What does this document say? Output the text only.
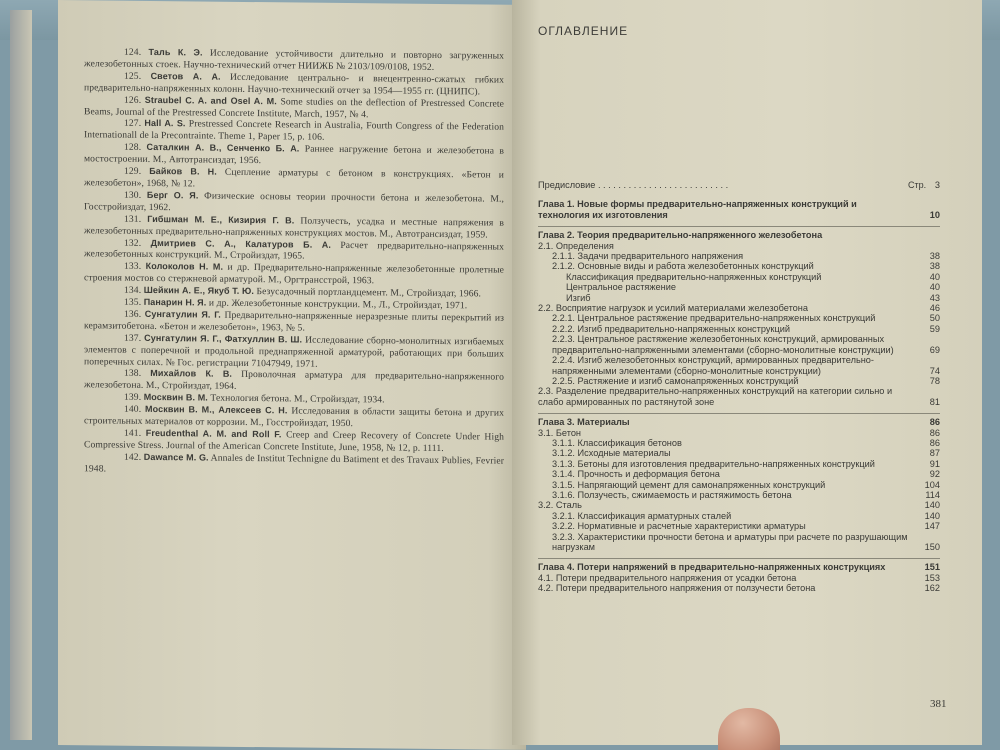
124. Таль К. Э. Исследование устойчивости длительно и повторно загруженных железобетонных стоек. Научно-технический отчет НИИЖБ № 2103/109/0108, 1952.
125. Светов А. А. Исследование центрально- и внецентренно-сжатых гибких предварительно-напряженных колонн. Научно-технический отчет за 1954—1955 гг. (ЦНИПС).
126. Straubel C. A. and Osel A. M. Some studies on the deflection of Prestressed Concrete Beams, Journal of the Prestressed Concrete Institute, March, 1957, № 4.
127. Hall A. S. Prestressed Concrete Research in Australia, Fourth Congress of the Federation Internationall de la Precontrainte. Theme 1, Paper 15, p. 106.
128. Саталкин А. В., Сенченко Б. А. Раннее нагружение бетона и железобетона в мостостроении. М., Автотрансиздат, 1956.
129. Байков В. Н. Сцепление арматуры с бетоном в конструкциях. «Бетон и железобетон», 1968, № 12.
130. Берг О. Я. Физические основы теории прочности бетона и железобетона. М., Госстройиздат, 1962.
131. Гибшман М. Е., Кизирия Г. В. Ползучесть, усадка и местные напряжения в железобетонных предварительно-напряженных конструкциях мостов. М., Автотрансиздат, 1959.
132. Дмитриев С. А., Калатуров Б. А. Расчет предварительно-напряженных железобетонных конструкций. М., Стройиздат, 1965.
133. Колоколов Н. М. и др. Предварительно-напряженные железобетонные пролетные строения мостов со стержневой арматурой. М., Оргтрансстрой, 1963.
134. Шейкин А. Е., Якуб Т. Ю. Безусадочный портландцемент. М., Стройиздат, 1966.
135. Панарин Н. Я. и др. Железобетонные конструкции. М., Л., Стройиздат, 1971.
136. Сунгатулин Я. Г. Предварительно-напряженные неразрезные плиты перекрытий из керамзитобетона. «Бетон и железобетон», 1963, № 5.
137. Сунгатулин Я. Г., Фатхуллин В. Ш. Исследование сборно-монолитных изгибаемых элементов с поперечной и продольной преднапряженной арматурой, работающих при больших поперечных силах. № Гос. регистрации 71047949, 1971.
138. Михайлов К. В. Проволочная арматура для предварительно-напряженного железобетона. М., Стройиздат, 1964.
139. Москвин В. М. Технология бетона. М., Стройиздат, 1934.
140. Москвин В. М., Алексеев С. Н. Исследования в области защиты бетона и других строительных материалов от коррозии. М., Госстройиздат, 1950.
141. Freudenthal A. M. and Roll F. Creep and Creep Recovery of Concrete Under High Compressive Stress. Journal of the American Concrete Institute, June, 1958, № 12, p. 1111.
142. Dawance M. G. Annales de Institut Technigne du Batiment et des Travaux Publies, Fevrier 1948.
ОГЛАВЛЕНИЕ
Стр.
Предисловие . . . . . . . . . . . . . . . . . . . . . . . . . .	3
Глава 1. Новые формы предварительно-напряженных конструкций и технология их изготовления	10
Глава 2. Теория предварительно-напряженного железобетона
2.1. Определения
2.1.1. Задачи предварительного напряжения	38
2.1.2. Основные виды и работа железобетонных конструкций	38
Классификация предварительно-напряженных конструкций	40
Центральное растяжение	40
Изгиб	43
2.2. Восприятие нагрузок и усилий материалами железобетона	46
2.2.1. Центральное растяжение предварительно-напряженных конструкций	50
2.2.2. Изгиб предварительно-напряженных конструкций	59
2.2.3. Центральное растяжение железобетонных конструкций, армированных предварительно-напряженными элементами (сборно-монолитные конструкции)	69
2.2.4. Изгиб железобетонных конструкций, армированных предварительно-напряженными элементами (сборно-монолитные конструкции)	74
2.2.5. Растяжение и изгиб самонапряженных конструкций	78
2.3. Разделение предварительно-напряженных конструкций на категории сильно и слабо армированных по растянутой зоне	81
Глава 3. Материалы	86
3.1. Бетон	86
3.1.1. Классификация бетонов	86
3.1.2. Исходные материалы	87
3.1.3. Бетоны для изготовления предварительно-напряженных конструкций	91
3.1.4. Прочность и деформация бетона	92
3.1.5. Напрягающий цемент для самонапряженных конструкций	104
3.1.6. Ползучесть, сжимаемость и растяжимость бетона	114
3.2. Сталь	140
3.2.1. Классификация арматурных сталей	140
3.2.2. Нормативные и расчетные характеристики арматуры	147
3.2.3. Характеристики прочности бетона и арматуры при расчете по разрушающим нагрузкам	150
Глава 4. Потери напряжений в предварительно-напряженных конструкциях	151
4.1. Потери предварительного напряжения от усадки бетона	153
4.2. Потери предварительного напряжения от ползучести бетона	162
381
